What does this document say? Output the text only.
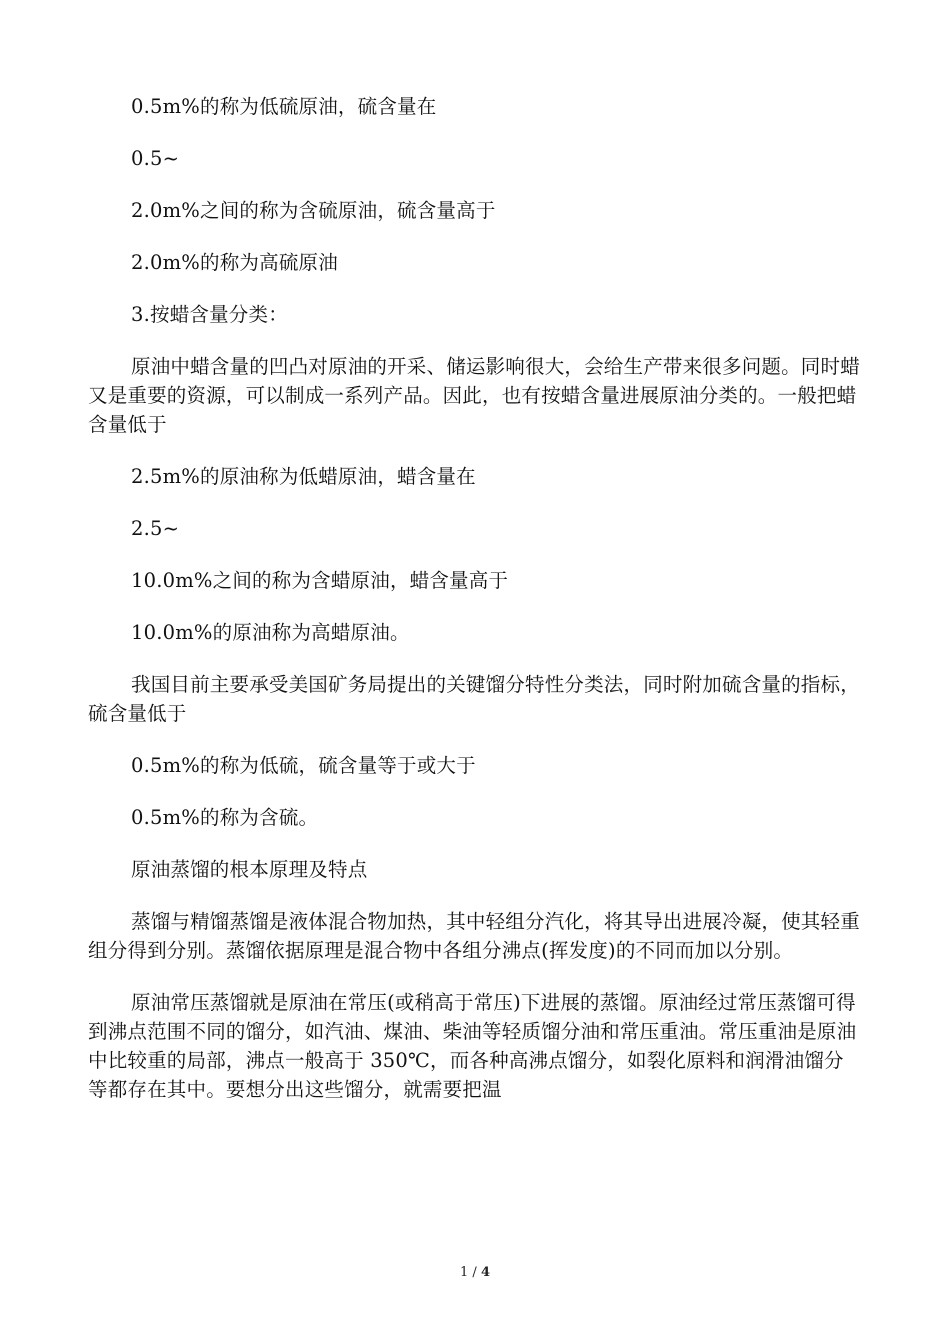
0.5m%的称为低硫原油，硫含量在

0.5~

2.0m%之间的称为含硫原油，硫含量高于

2.0m%的称为高硫原油

3.按蜡含量分类：

原油中蜡含量的凹凸对原油的开采、储运影响很大，会给生产带来很多问题。同时蜡又是重要的资源，可以制成一系列产品。因此，也有按蜡含量进展原油分类的。一般把蜡含量低于

2.5m%的原油称为低蜡原油，蜡含量在

2.5~

10.0m%之间的称为含蜡原油，蜡含量高于

10.0m%的原油称为高蜡原油。

我国目前主要承受美国矿务局提出的关键馏分特性分类法，同时附加硫含量的指标，硫含量低于

0.5m%的称为低硫，硫含量等于或大于

0.5m%的称为含硫。

原油蒸馏的根本原理及特点

蒸馏与精馏蒸馏是液体混合物加热，其中轻组分汽化，将其导出进展冷凝，使其轻重组分得到分别。蒸馏依据原理是混合物中各组分沸点(挥发度)的不同而加以分别。

原油常压蒸馏就是原油在常压(或稍高于常压)下进展的蒸馏。原油经过常压蒸馏可得到沸点范围不同的馏分，如汽油、煤油、柴油等轻质馏分油和常压重油。常压重油是原油中比较重的局部，沸点一般高于 350℃，而各种高沸点馏分，如裂化原料和润滑油馏分等都存在其中。要想分出这些馏分，就需要把温

1 / 4
